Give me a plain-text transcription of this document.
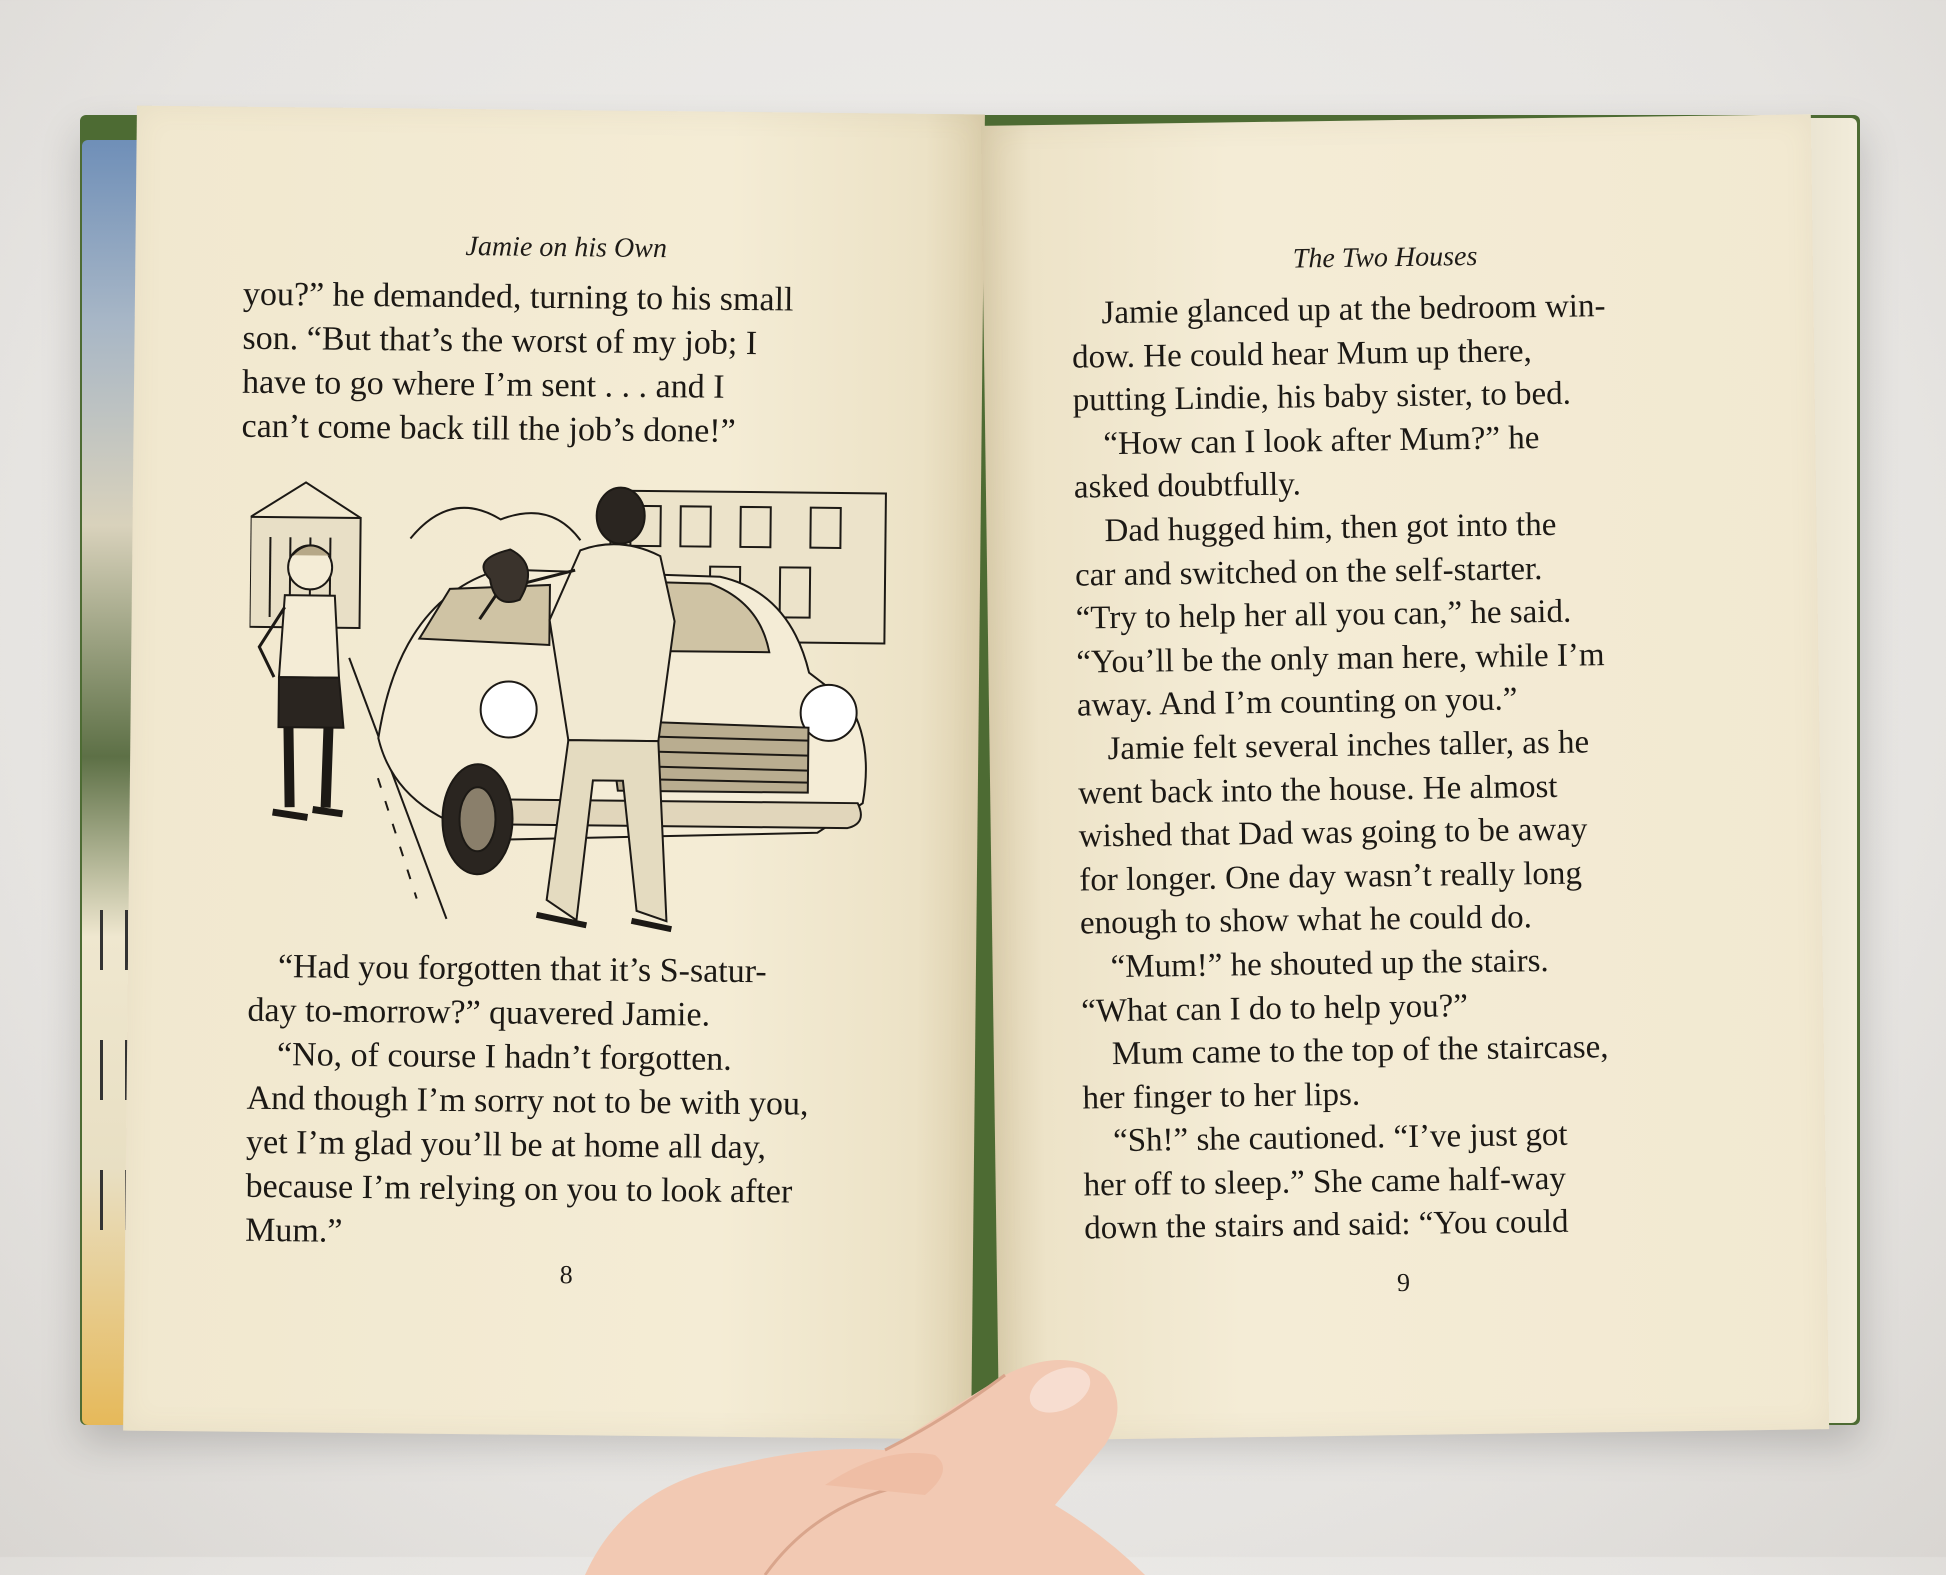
Jamie on his Own

you?” he demanded, turning to his small

son. “But that’s the worst of my job; I

have to go where I’m sent . . . and I

can’t come back till the job’s done!”

“Had you forgotten that it’s S-satur-

day to-morrow?” quavered Jamie.

“No, of course I hadn’t forgotten.

And though I’m sorry not to be with you,

yet I’m glad you’ll be at home all day,

because I’m relying on you to look after

Mum.”

8
The Two Houses

Jamie glanced up at the bedroom win-

dow. He could hear Mum up there,

putting Lindie, his baby sister, to bed.

“How can I look after Mum?” he

asked doubtfully.

Dad hugged him, then got into the

car and switched on the self-starter.

“Try to help her all you can,” he said.

“You’ll be the only man here, while I’m

away. And I’m counting on you.”

Jamie felt several inches taller, as he

went back into the house. He almost

wished that Dad was going to be away

for longer. One day wasn’t really long

enough to show what he could do.

“Mum!” he shouted up the stairs.

“What can I do to help you?”

Mum came to the top of the staircase,

her finger to her lips.

“Sh!” she cautioned. “I’ve just got

her off to sleep.” She came half-way

down the stairs and said: “You could

9
